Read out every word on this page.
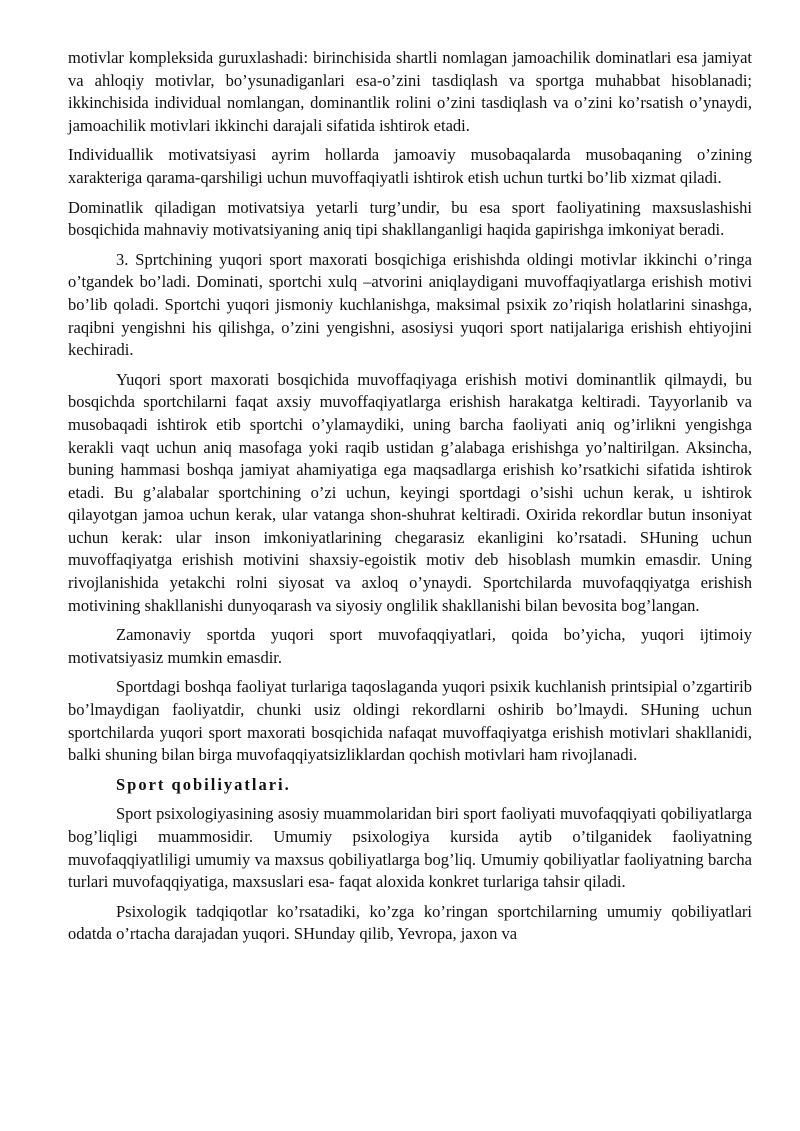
motivlar kompleksida guruxlashadi: birinchisida shartli nomlagan jamoachilik dominatlari esa jamiyat va ahloqiy motivlar, bo’ysunadiganlari esa-o’zini tasdiqlash va sportga muhabbat hisoblanadi; ikkinchisida individual nomlangan, dominantlik rolini o’zini tasdiqlash va o’zini ko’rsatish o’ynaydi, jamoachilik motivlari ikkinchi darajali sifatida ishtirok etadi.

Individuallik motivatsiyasi ayrim hollarda jamoaviy musobaqalarda musobaqaning o’zining xarakteriga qarama-qarshiligi uchun muvoffaqiyatli ishtirok etish uchun turtki bo’lib xizmat qiladi.

Dominatlik qiladigan motivatsiya yetarli turg’undir, bu esa sport faoliyatining maxsuslashishi bosqichida mahnaviy motivatsiyaning aniq tipi shakllanganligi haqida gapirishga imkoniyat beradi.

3. Sprtchining yuqori sport maxorati bosqichiga erishishda oldingi motivlar ikkinchi o’ringa o’tgandek bo’ladi. Dominati, sportchi xulq –atvorini aniqlaydigani muvoffaqiyatlarga erishish motivi bo’lib qoladi. Sportchi yuqori jismoniy kuchlanishga, maksimal psixik zo’riqish holatlarini sinashga, raqibni yengishni his qilishga, o’zini yengishni, asosiysi yuqori sport natijalariga erishish ehtiyojini kechiradi.

Yuqori sport maxorati bosqichida muvoffaqiyaga erishish motivi dominantlik qilmaydi, bu bosqichda sportchilarni faqat axsiy muvoffaqiyatlarga erishish harakatga keltiradi. Tayyorlanib va musobaqadi ishtirok etib sportchi o’ylamaydiki, uning barcha faoliyati aniq og’irlikni yengishga kerakli vaqt uchun aniq masofaga yoki raqib ustidan g’alabaga erishishga yo’naltirilgan. Aksincha, buning hammasi boshqa jamiyat ahamiyatiga ega maqsadlarga erishish ko’rsatkichi sifatida ishtirok etadi. Bu g’alabalar sportchining o’zi uchun, keyingi sportdagi o’sishi uchun kerak, u ishtirok qilayotgan jamoa uchun kerak, ular vatanga shon-shuhrat keltiradi. Oxirida rekordlar butun insoniyat uchun kerak: ular inson imkoniyatlarining chegarasiz ekanligini ko’rsatadi. SHuning uchun muvoffaqiyatga erishish motivini shaxsiy-egoistik motiv deb hisoblash mumkin emasdir. Uning rivojlanishida yetakchi rolni siyosat va axloq o’ynaydi. Sportchilarda muvofaqqiyatga erishish motivining shakllanishi dunyoqarash va siyosiy onglilik shakllanishi bilan bevosita bog’langan.

Zamonaviy sportda yuqori sport muvofaqqiyatlari, qoida bo’yicha, yuqori ijtimoiy motivatsiyasiz mumkin emasdir.

Sportdagi boshqa faoliyat turlariga taqoslaganda yuqori psixik kuchlanish printsipial o’zgartirib bo’lmaydigan faoliyatdir, chunki usiz oldingi rekordlarni oshirib bo’lmaydi. SHuning uchun sportchilarda yuqori sport maxorati bosqichida nafaqat muvoffaqiyatga erishish motivlari shakllanidi, balki shuning bilan birga muvofaqqiyatsizliklardan qochish motivlari ham rivojlanadi.

Sport qobiliyatlari.

Sport psixologiyasining asosiy muammolaridan biri sport faoliyati muvofaqqiyati qobiliyatlarga bog’liqligi muammosidir. Umumiy psixologiya kursida aytib o’tilganidek faoliyatning muvofaqqiyatliligi umumiy va maxsus qobiliyatlarga bog’liq. Umumiy qobiliyatlar faoliyatning barcha turlari muvofaqqiyatiga, maxsuslari esa- faqat aloxida konkret turlariga tahsir qiladi.

Psixologik tadqiqotlar ko’rsatadiki, ko’zga ko’ringan sportchilarning umumiy qobiliyatlari odatda o’rtacha darajadan yuqori. SHunday qilib, Yevropa, jaxon va
